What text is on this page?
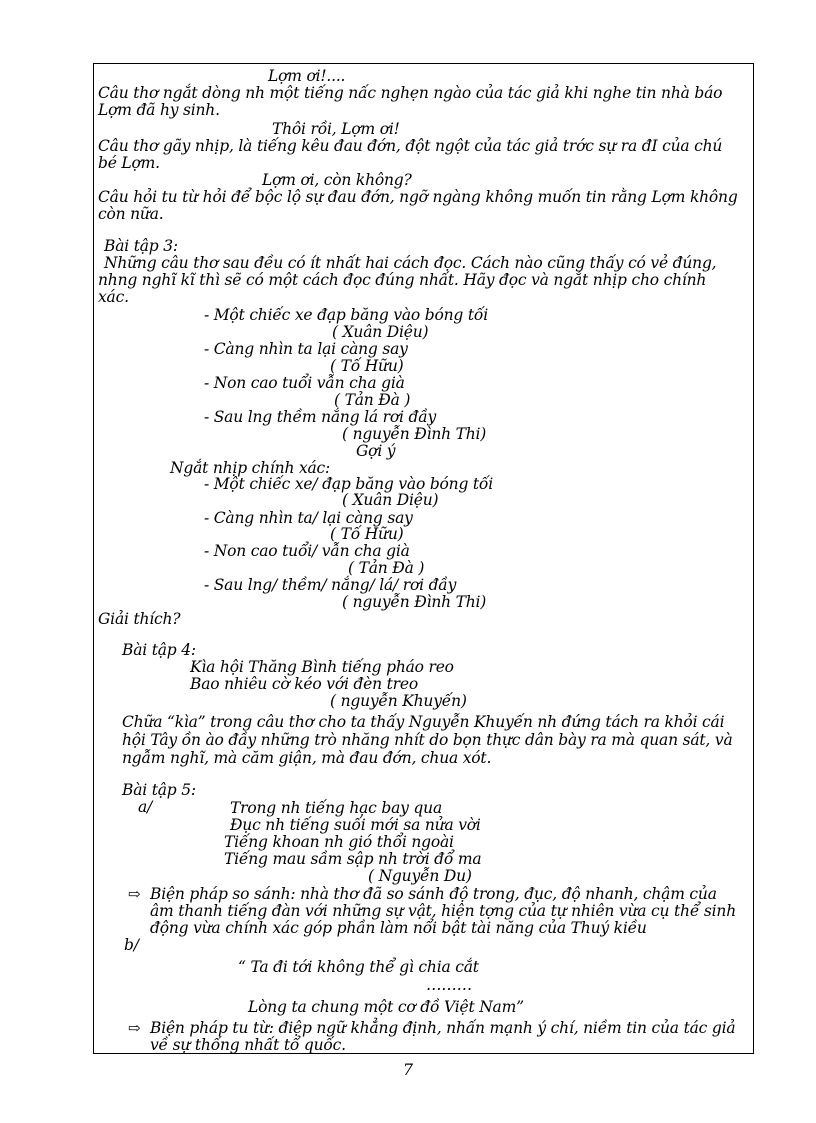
Lợm ơi!....
Câu thơ ngắt dòng nh một tiếng nấc nghẹn ngào của tác giả khi nghe tin nhà báo
Lợm đã hy sinh.
Thôi rồi, Lợm ơi!
Câu thơ gãy nhịp, là tiếng kêu đau đớn, đột ngột của tác giả trớc sự ra đI của chú
bé Lợm.
Lợm ơi, còn không?
Câu hỏi tu từ hỏi để bộc lộ sự đau đớn, ngỡ ngàng không muốn tin rằng Lợm không
còn nữa.
Bài tập 3:
Những câu thơ sau đều có ít nhất hai cách đọc. Cách nào cũng thấy có vẻ đúng,
nhng nghĩ kĩ thì sẽ có một cách đọc đúng nhất. Hãy đọc và ngắt nhịp cho chính
xác.
- Một chiếc xe đạp băng vào bóng tối
( Xuân Diệu)
- Càng nhìn ta lại càng say
( Tố Hữu)
- Non cao tuổi vẫn cha già
( Tản Đà )
- Sau lng thềm nắng lá rơi đầy
( nguyễn Đình Thi)
Gợi ý
Ngắt nhịp chính xác:
- Một chiếc xe/ đạp băng vào bóng tối
( Xuân Diệu)
- Càng nhìn ta/ lại càng say
( Tố Hữu)
- Non cao tuổi/ vẫn cha già
( Tản Đà )
- Sau lng/ thềm/ nắng/ lá/ rơi đầy
( nguyễn Đình Thi)
Giải thích?
Bài tập 4:
Kìa hội Thăng Bình tiếng pháo reo
Bao nhiêu cờ kéo với đèn treo
( nguyễn Khuyến)
Chữa “kìa” trong câu thơ cho ta thấy Nguyễn Khuyến nh đứng tách ra khỏi cái
hội Tây ồn ào đầy những trò nhăng nhít do bọn thực dân bày ra mà quan sát, và
ngẫm nghĩ, mà căm giận, mà đau đớn, chua xót.
Bài tập 5:
a/	Trong nh tiếng hạc bay qua
Đục nh tiếng suối mới sa nửa vời
Tiếng khoan nh gió thổi ngoài
Tiếng mau sầm sập nh trời đổ ma
( Nguyễn Du)
⇨ Biện pháp so sánh: nhà thơ đã so sánh độ trong, đục, độ nhanh, chậm của
âm thanh tiếng đàn với những sự vật, hiện tợng của tự nhiên vừa cụ thể sinh
động vừa chính xác góp phần làm nổi bật tài năng của Thuý kiều
b/
“ Ta đi tới không thể gì chia cắt
………
Lòng ta chung một cơ đồ Việt Nam”
⇨ Biện pháp tu từ: điệp ngữ khẳng định, nhấn mạnh ý chí, niềm tin của tác giả
về sự thống nhất tổ quốc.
7
